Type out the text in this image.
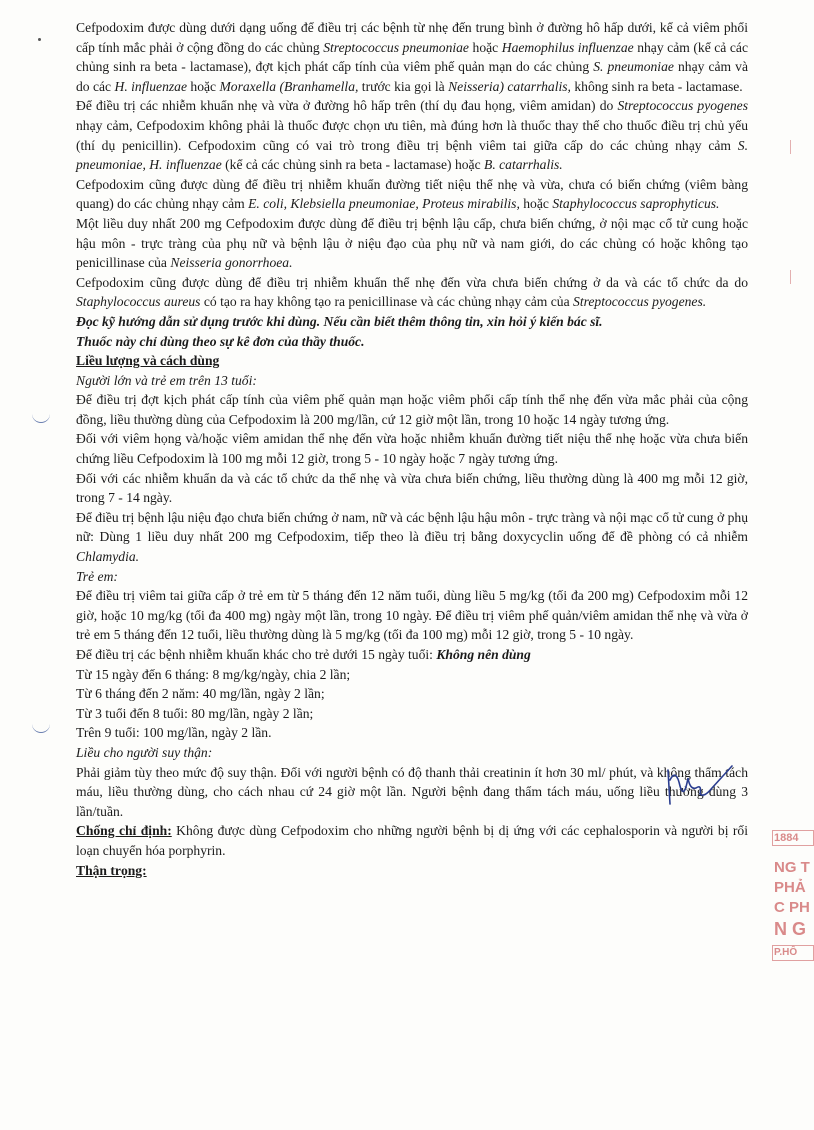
Cefpodoxim được dùng dưới dạng uống để điều trị các bệnh từ nhẹ đến trung bình ở đường hô hấp dưới, kể cả viêm phổi cấp tính mắc phải ở cộng đồng do các chủng Streptococcus pneumoniae hoặc Haemophilus influenzae nhạy cảm (kể cả các chủng sinh ra beta - lactamase), đợt kịch phát cấp tính của viêm phế quản mạn do các chủng S. pneumoniae nhạy cảm và do các H. influenzae hoặc Moraxella (Branhamella, trước kia gọi là Neisseria) catarrhalis, không sinh ra beta - lactamase.

Để điều trị các nhiễm khuẩn nhẹ và vừa ở đường hô hấp trên (thí dụ đau họng, viêm amidan) do Streptococcus pyogenes nhạy cảm, Cefpodoxim không phải là thuốc được chọn ưu tiên, mà đúng hơn là thuốc thay thế cho thuốc điều trị chủ yếu (thí dụ penicillin). Cefpodoxim cũng có vai trò trong điều trị bệnh viêm tai giữa cấp do các chủng nhạy cảm S. pneumoniae, H. influenzae (kể cả các chủng sinh ra beta - lactamase) hoặc B. catarrhalis.

Cefpodoxim cũng được dùng để điều trị nhiễm khuẩn đường tiết niệu thể nhẹ và vừa, chưa có biến chứng (viêm bàng quang) do các chủng nhạy cảm E. coli, Klebsiella pneumoniae, Proteus mirabilis, hoặc Staphylococcus saprophyticus.

Một liều duy nhất 200 mg Cefpodoxim được dùng để điều trị bệnh lậu cấp, chưa biến chứng, ở nội mạc cổ tử cung hoặc hậu môn - trực tràng của phụ nữ và bệnh lậu ở niệu đạo của phụ nữ và nam giới, do các chủng có hoặc không tạo penicillinase của Neisseria gonorrhoea.

Cefpodoxim cũng được dùng để điều trị nhiễm khuẩn thể nhẹ đến vừa chưa biến chứng ở da và các tổ chức da do Staphylococcus aureus có tạo ra hay không tạo ra penicillinase và các chủng nhạy cảm của Streptococcus pyogenes.

Đọc kỹ hướng dẫn sử dụng trước khi dùng. Nếu cần biết thêm thông tin, xin hỏi ý kiến bác sĩ.

Thuốc này chỉ dùng theo sự kê đơn của thầy thuốc.

Liều lượng và cách dùng

Người lớn và trẻ em trên 13 tuổi:

Để điều trị đợt kịch phát cấp tính của viêm phế quản mạn hoặc viêm phổi cấp tính thể nhẹ đến vừa mắc phải của cộng đồng, liều thường dùng của Cefpodoxim là 200 mg/lần, cứ 12 giờ một lần, trong 10 hoặc 14 ngày tương ứng.

Đối với viêm họng và/hoặc viêm amidan thể nhẹ đến vừa hoặc nhiễm khuẩn đường tiết niệu thể nhẹ hoặc vừa chưa biến chứng liều Cefpodoxim là 100 mg mỗi 12 giờ, trong 5 - 10 ngày hoặc 7 ngày tương ứng.

Đối với các nhiễm khuẩn da và các tổ chức da thể nhẹ và vừa chưa biến chứng, liều thường dùng là 400 mg mỗi 12 giờ, trong 7 - 14 ngày.

Để điều trị bệnh lậu niệu đạo chưa biến chứng ở nam, nữ và các bệnh lậu hậu môn - trực tràng và nội mạc cổ tử cung ở phụ nữ: Dùng 1 liều duy nhất 200 mg Cefpodoxim, tiếp theo là điều trị bằng doxycyclin uống để đề phòng có cả nhiễm Chlamydia.

Trẻ em:

Để điều trị viêm tai giữa cấp ở trẻ em từ 5 tháng đến 12 năm tuổi, dùng liều 5 mg/kg (tối đa 200 mg) Cefpodoxim mỗi 12 giờ, hoặc 10 mg/kg (tối đa 400 mg) ngày một lần, trong 10 ngày. Để điều trị viêm phế quản/viêm amidan thể nhẹ và vừa ở trẻ em 5 tháng đến 12 tuổi, liều thường dùng là 5 mg/kg (tối đa 100 mg) mỗi 12 giờ, trong 5 - 10 ngày.

Để điều trị các bệnh nhiễm khuẩn khác cho trẻ dưới 15 ngày tuổi: Không nên dùng

Từ 15 ngày đến 6 tháng: 8 mg/kg/ngày, chia 2 lần;

Từ 6 tháng đến 2 năm: 40 mg/lần, ngày 2 lần;

Từ 3 tuổi đến 8 tuổi: 80 mg/lần, ngày 2 lần;

Trên 9 tuổi: 100 mg/lần, ngày 2 lần.

Liều cho người suy thận:

Phải giảm tùy theo mức độ suy thận. Đối với người bệnh có độ thanh thải creatinin ít hơn 30 ml/ phút, và không thẩm tách máu, liều thường dùng, cho cách nhau cứ 24 giờ một lần. Người bệnh đang thẩm tách máu, uống liều thường dùng 3 lần/tuần.

Chống chỉ định: Không được dùng Cefpodoxim cho những người bệnh bị dị ứng với các cephalosporin và người bị rối loạn chuyển hóa porphyrin.

Thận trọng:

1884
NG T
PHẢ
C PH
N G
P.HÔ
